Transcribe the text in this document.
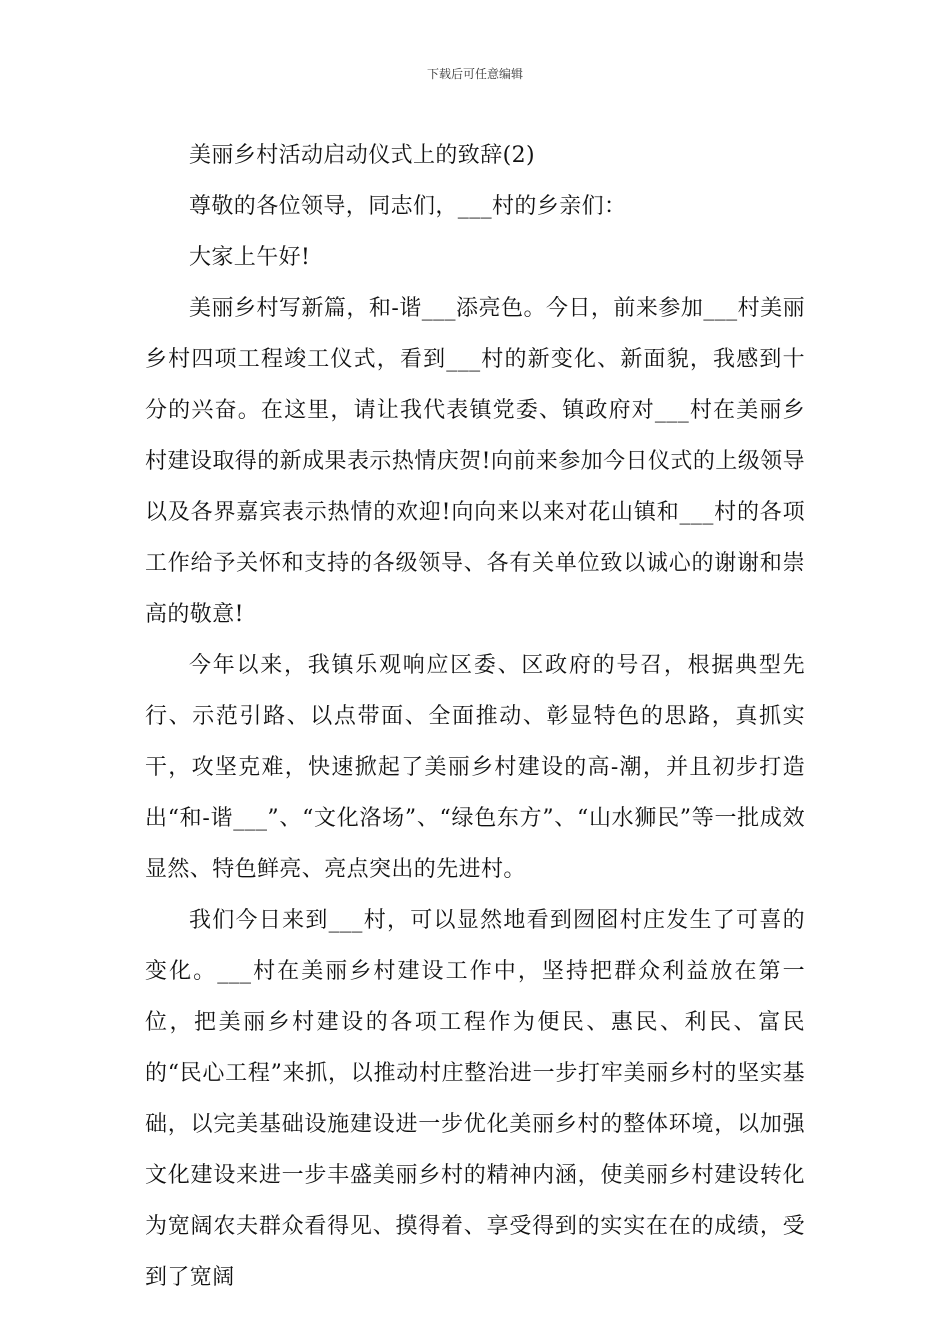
下载后可任意编辑

美丽乡村活动启动仪式上的致辞(2)

尊敬的各位领导，同志们，___村的乡亲们：

大家上午好!

美丽乡村写新篇，和-谐___添亮色。今日，前来参加___村美丽乡村四项工程竣工仪式，看到___村的新变化、新面貌，我感到十分的兴奋。在这里，请让我代表镇党委、镇政府对___村在美丽乡村建设取得的新成果表示热情庆贺!向前来参加今日仪式的上级领导以及各界嘉宾表示热情的欢迎!向向来以来对花山镇和___村的各项工作给予关怀和支持的各级领导、各有关单位致以诚心的谢谢和崇高的敬意!

今年以来，我镇乐观响应区委、区政府的号召，根据典型先行、示范引路、以点带面、全面推动、彰显特色的思路，真抓实干，攻坚克难，快速掀起了美丽乡村建设的高-潮，并且初步打造出“和-谐___”、“文化洛场”、“绿色东方”、“山水狮民”等一批成效显然、特色鲜亮、亮点突出的先进村。

我们今日来到___村，可以显然地看到囫囵村庄发生了可喜的变化。___村在美丽乡村建设工作中，坚持把群众利益放在第一位，把美丽乡村建设的各项工程作为便民、惠民、利民、富民的“民心工程”来抓，以推动村庄整治进一步打牢美丽乡村的坚实基础，以完美基础设施建设进一步优化美丽乡村的整体环境，以加强文化建设来进一步丰盛美丽乡村的精神内涵，使美丽乡村建设转化为宽阔农夫群众看得见、摸得着、享受得到的实实在在的成绩，受到了宽阔
